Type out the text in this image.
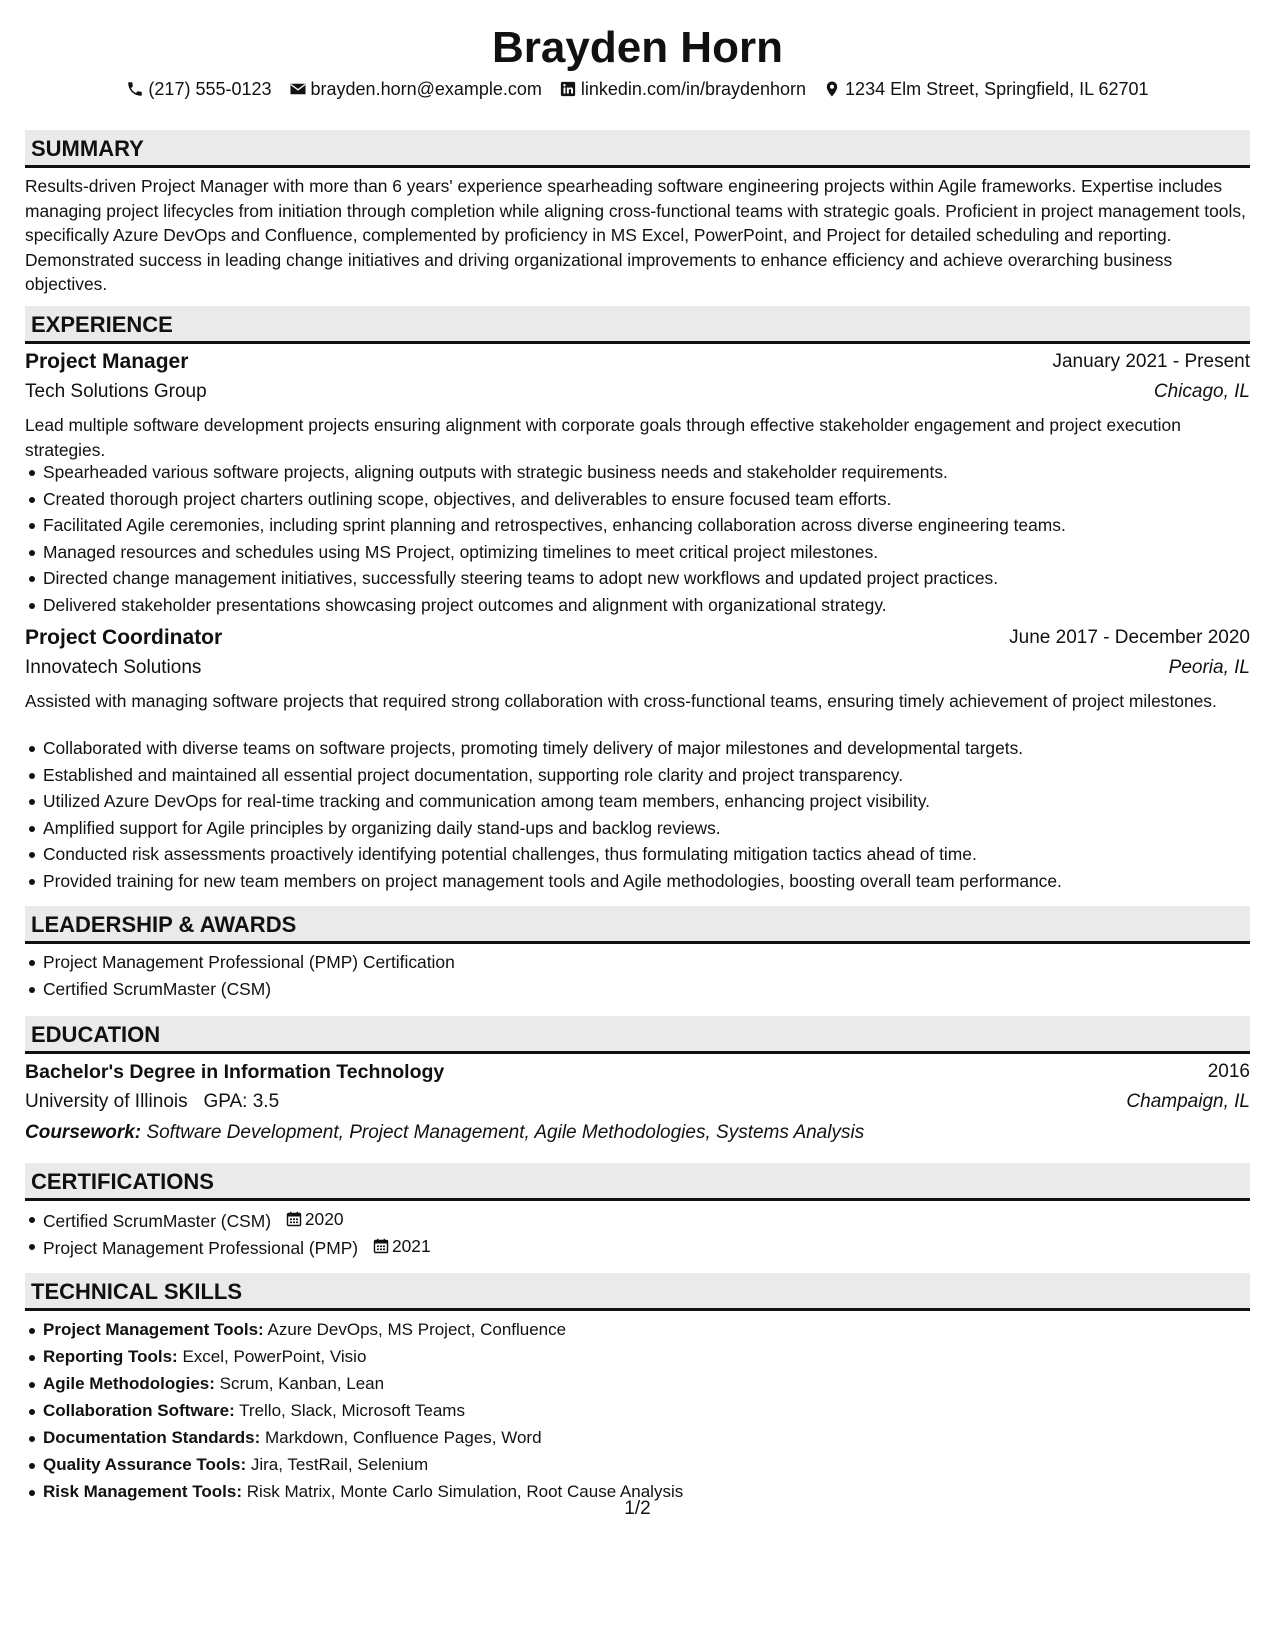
Brayden Horn
(217) 555-0123 brayden.horn@example.com linkedin.com/in/braydenhorn 1234 Elm Street, Springfield, IL 62701
SUMMARY
Results-driven Project Manager with more than 6 years' experience spearheading software engineering projects within Agile frameworks. Expertise includes managing project lifecycles from initiation through completion while aligning cross-functional teams with strategic goals. Proficient in project management tools, specifically Azure DevOps and Confluence, complemented by proficiency in MS Excel, PowerPoint, and Project for detailed scheduling and reporting. Demonstrated success in leading change initiatives and driving organizational improvements to enhance efficiency and achieve overarching business objectives.
EXPERIENCE
Project Manager	January 2021 - Present
Tech Solutions Group	Chicago, IL
Lead multiple software development projects ensuring alignment with corporate goals through effective stakeholder engagement and project execution strategies.
Spearheaded various software projects, aligning outputs with strategic business needs and stakeholder requirements.
Created thorough project charters outlining scope, objectives, and deliverables to ensure focused team efforts.
Facilitated Agile ceremonies, including sprint planning and retrospectives, enhancing collaboration across diverse engineering teams.
Managed resources and schedules using MS Project, optimizing timelines to meet critical project milestones.
Directed change management initiatives, successfully steering teams to adopt new workflows and updated project practices.
Delivered stakeholder presentations showcasing project outcomes and alignment with organizational strategy.
Project Coordinator	June 2017 - December 2020
Innovatech Solutions	Peoria, IL
Assisted with managing software projects that required strong collaboration with cross-functional teams, ensuring timely achievement of project milestones.
Collaborated with diverse teams on software projects, promoting timely delivery of major milestones and developmental targets.
Established and maintained all essential project documentation, supporting role clarity and project transparency.
Utilized Azure DevOps for real-time tracking and communication among team members, enhancing project visibility.
Amplified support for Agile principles by organizing daily stand-ups and backlog reviews.
Conducted risk assessments proactively identifying potential challenges, thus formulating mitigation tactics ahead of time.
Provided training for new team members on project management tools and Agile methodologies, boosting overall team performance.
LEADERSHIP & AWARDS
Project Management Professional (PMP) Certification
Certified ScrumMaster (CSM)
EDUCATION
Bachelor's Degree in Information Technology	2016
University of Illinois GPA: 3.5	Champaign, IL
Coursework: Software Development, Project Management, Agile Methodologies, Systems Analysis
CERTIFICATIONS
Certified ScrumMaster (CSM) 2020
Project Management Professional (PMP) 2021
TECHNICAL SKILLS
Project Management Tools: Azure DevOps, MS Project, Confluence
Reporting Tools: Excel, PowerPoint, Visio
Agile Methodologies: Scrum, Kanban, Lean
Collaboration Software: Trello, Slack, Microsoft Teams
Documentation Standards: Markdown, Confluence Pages, Word
Quality Assurance Tools: Jira, TestRail, Selenium
Risk Management Tools: Risk Matrix, Monte Carlo Simulation, Root Cause Analysis
1/2
